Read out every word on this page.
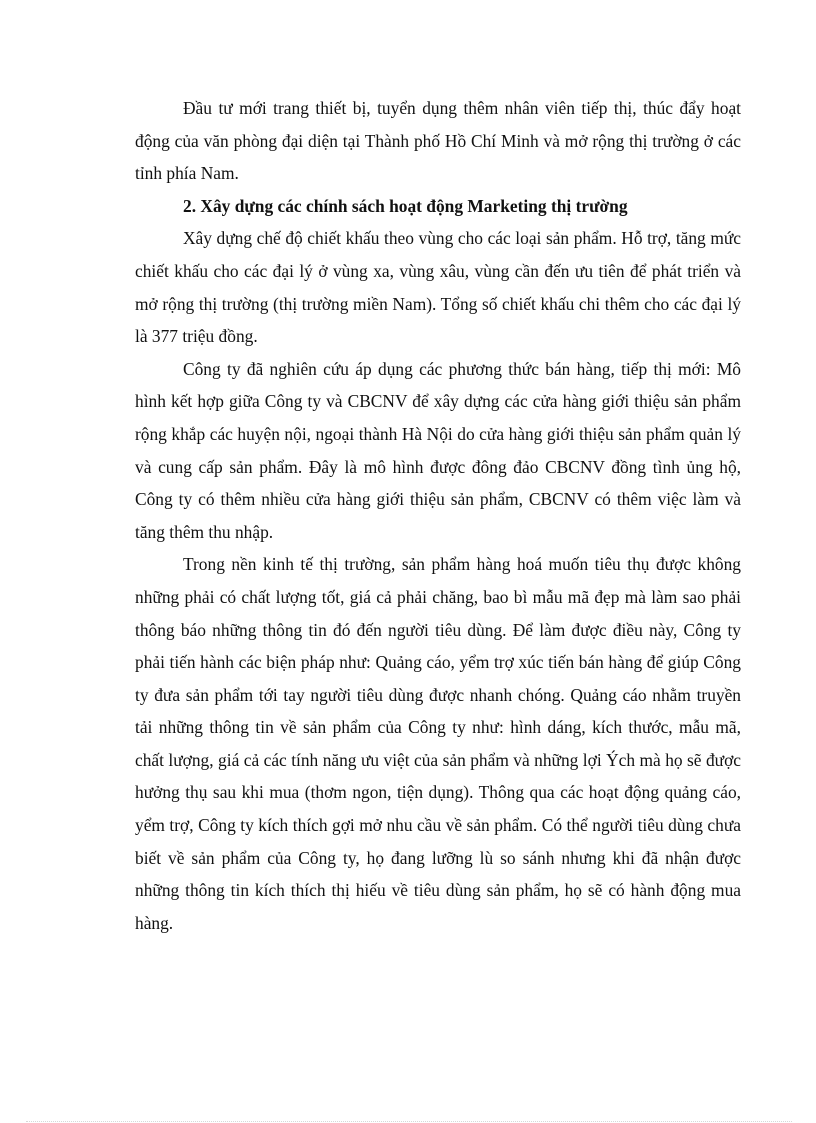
Đầu tư mới trang thiết bị, tuyển dụng thêm nhân viên tiếp thị, thúc đẩy hoạt động của văn phòng đại diện tại Thành phố Hồ Chí Minh và mở rộng thị trường ở các tỉnh phía Nam.

2. Xây dựng các chính sách hoạt động Marketing thị trường

Xây dựng chế độ chiết khấu theo vùng cho các loại sản phẩm. Hỗ trợ, tăng mức chiết khấu cho các đại lý ở vùng xa, vùng xâu, vùng cần đến ưu tiên để phát triển và mở rộng thị trường (thị trường miền Nam). Tổng số chiết khấu chi thêm cho các đại lý là 377 triệu đồng.

Công ty đã nghiên cứu áp dụng các phương thức bán hàng, tiếp thị mới: Mô hình kết hợp giữa Công ty và CBCNV để xây dựng các cửa hàng giới thiệu sản phẩm rộng khắp các huyện nội, ngoại thành Hà Nội do cửa hàng giới thiệu sản phẩm quản lý và cung cấp sản phẩm. Đây là mô hình được đông đảo CBCNV đồng tình ủng hộ, Công ty có thêm nhiều cửa hàng giới thiệu sản phẩm, CBCNV có thêm việc làm và tăng thêm thu nhập.

Trong nền kinh tế thị trường, sản phẩm hàng hoá muốn tiêu thụ được không những phải có chất lượng tốt, giá cả phải chăng, bao bì mẫu mã đẹp mà làm sao phải thông báo những thông tin đó đến người tiêu dùng. Để làm được điều này, Công ty phải tiến hành các biện pháp như: Quảng cáo, yểm trợ xúc tiến bán hàng để giúp Công ty đưa sản phẩm tới tay người tiêu dùng được nhanh chóng. Quảng cáo nhằm truyền tải những thông tin về sản phẩm của Công ty như: hình dáng, kích thước, mẫu mã, chất lượng, giá cả các tính năng ưu việt của sản phẩm và những lợi Ých mà họ sẽ được hưởng thụ sau khi mua (thơm ngon, tiện dụng). Thông qua các hoạt động quảng cáo, yểm trợ, Công ty kích thích gợi mở nhu cầu về sản phẩm. Có thể người tiêu dùng chưa biết về sản phẩm của Công ty, họ đang lưỡng lù so sánh nhưng khi đã nhận được những thông tin kích thích thị hiếu về tiêu dùng sản phẩm, họ sẽ có hành động mua hàng.
